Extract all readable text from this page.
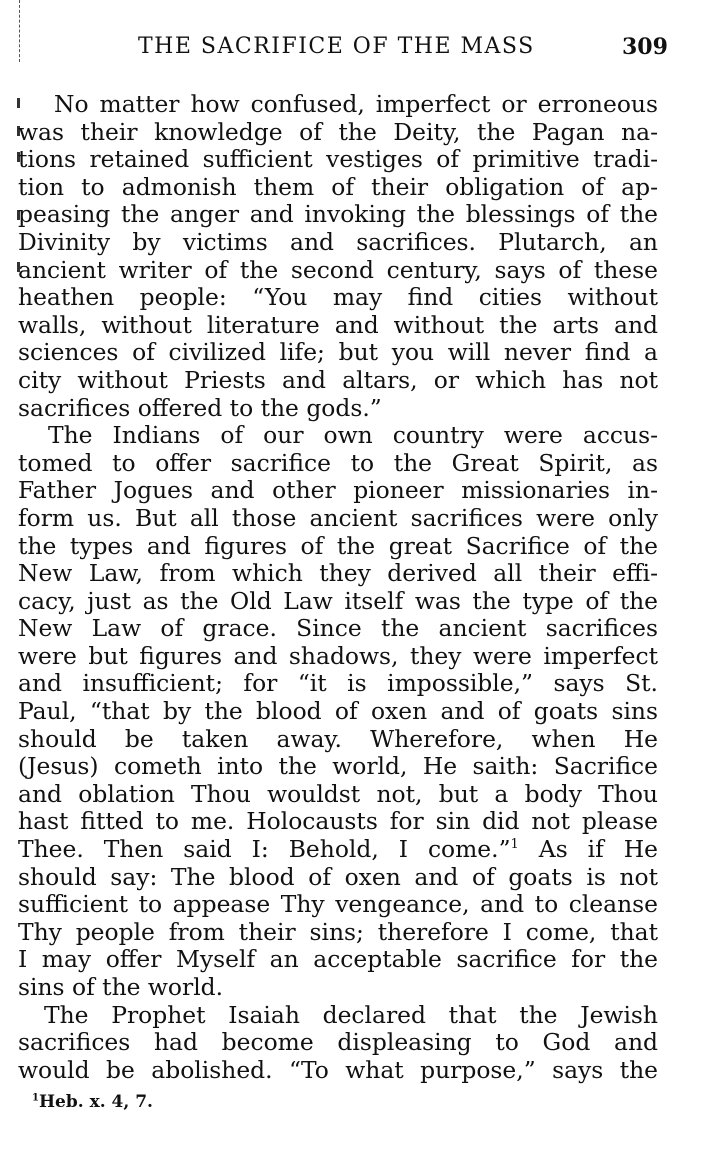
THE SACRIFICE OF THE MASS	309
No matter how confused, imperfect or erroneous
was their knowledge of the Deity, the Pagan na-
tions retained sufficient vestiges of primitive tradi-
tion to admonish them of their obligation of ap-
peasing the anger and invoking the blessings of the
Divinity by victims and sacrifices. Plutarch, an
ancient writer of the second century, says of these
heathen people: “You may find cities without
walls, without literature and without the arts and
sciences of civilized life; but you will never find a
city without Priests and altars, or which has not
sacrifices offered to the gods.”
The Indians of our own country were accus-
tomed to offer sacrifice to the Great Spirit, as
Father Jogues and other pioneer missionaries in-
form us. But all those ancient sacrifices were only
the types and figures of the great Sacrifice of the
New Law, from which they derived all their effi-
cacy, just as the Old Law itself was the type of the
New Law of grace. Since the ancient sacrifices
were but figures and shadows, they were imperfect
and insufficient; for “it is impossible,” says St.
Paul, “that by the blood of oxen and of goats sins
should be taken away. Wherefore, when He
(Jesus) cometh into the world, He saith: Sacrifice
and oblation Thou wouldst not, but a body Thou
hast fitted to me. Holocausts for sin did not please
Thee. Then said I: Behold, I come.”$^1$ As if He
should say: The blood of oxen and of goats is not
sufficient to appease Thy vengeance, and to cleanse
Thy people from their sins; therefore I come, that
I may offer Myself an acceptable sacrifice for the
sins of the world.
The Prophet Isaiah declared that the Jewish
sacrifices had become displeasing to God and
would be abolished. “To what purpose,” says the
$^1$Heb. x. 4, 7.
